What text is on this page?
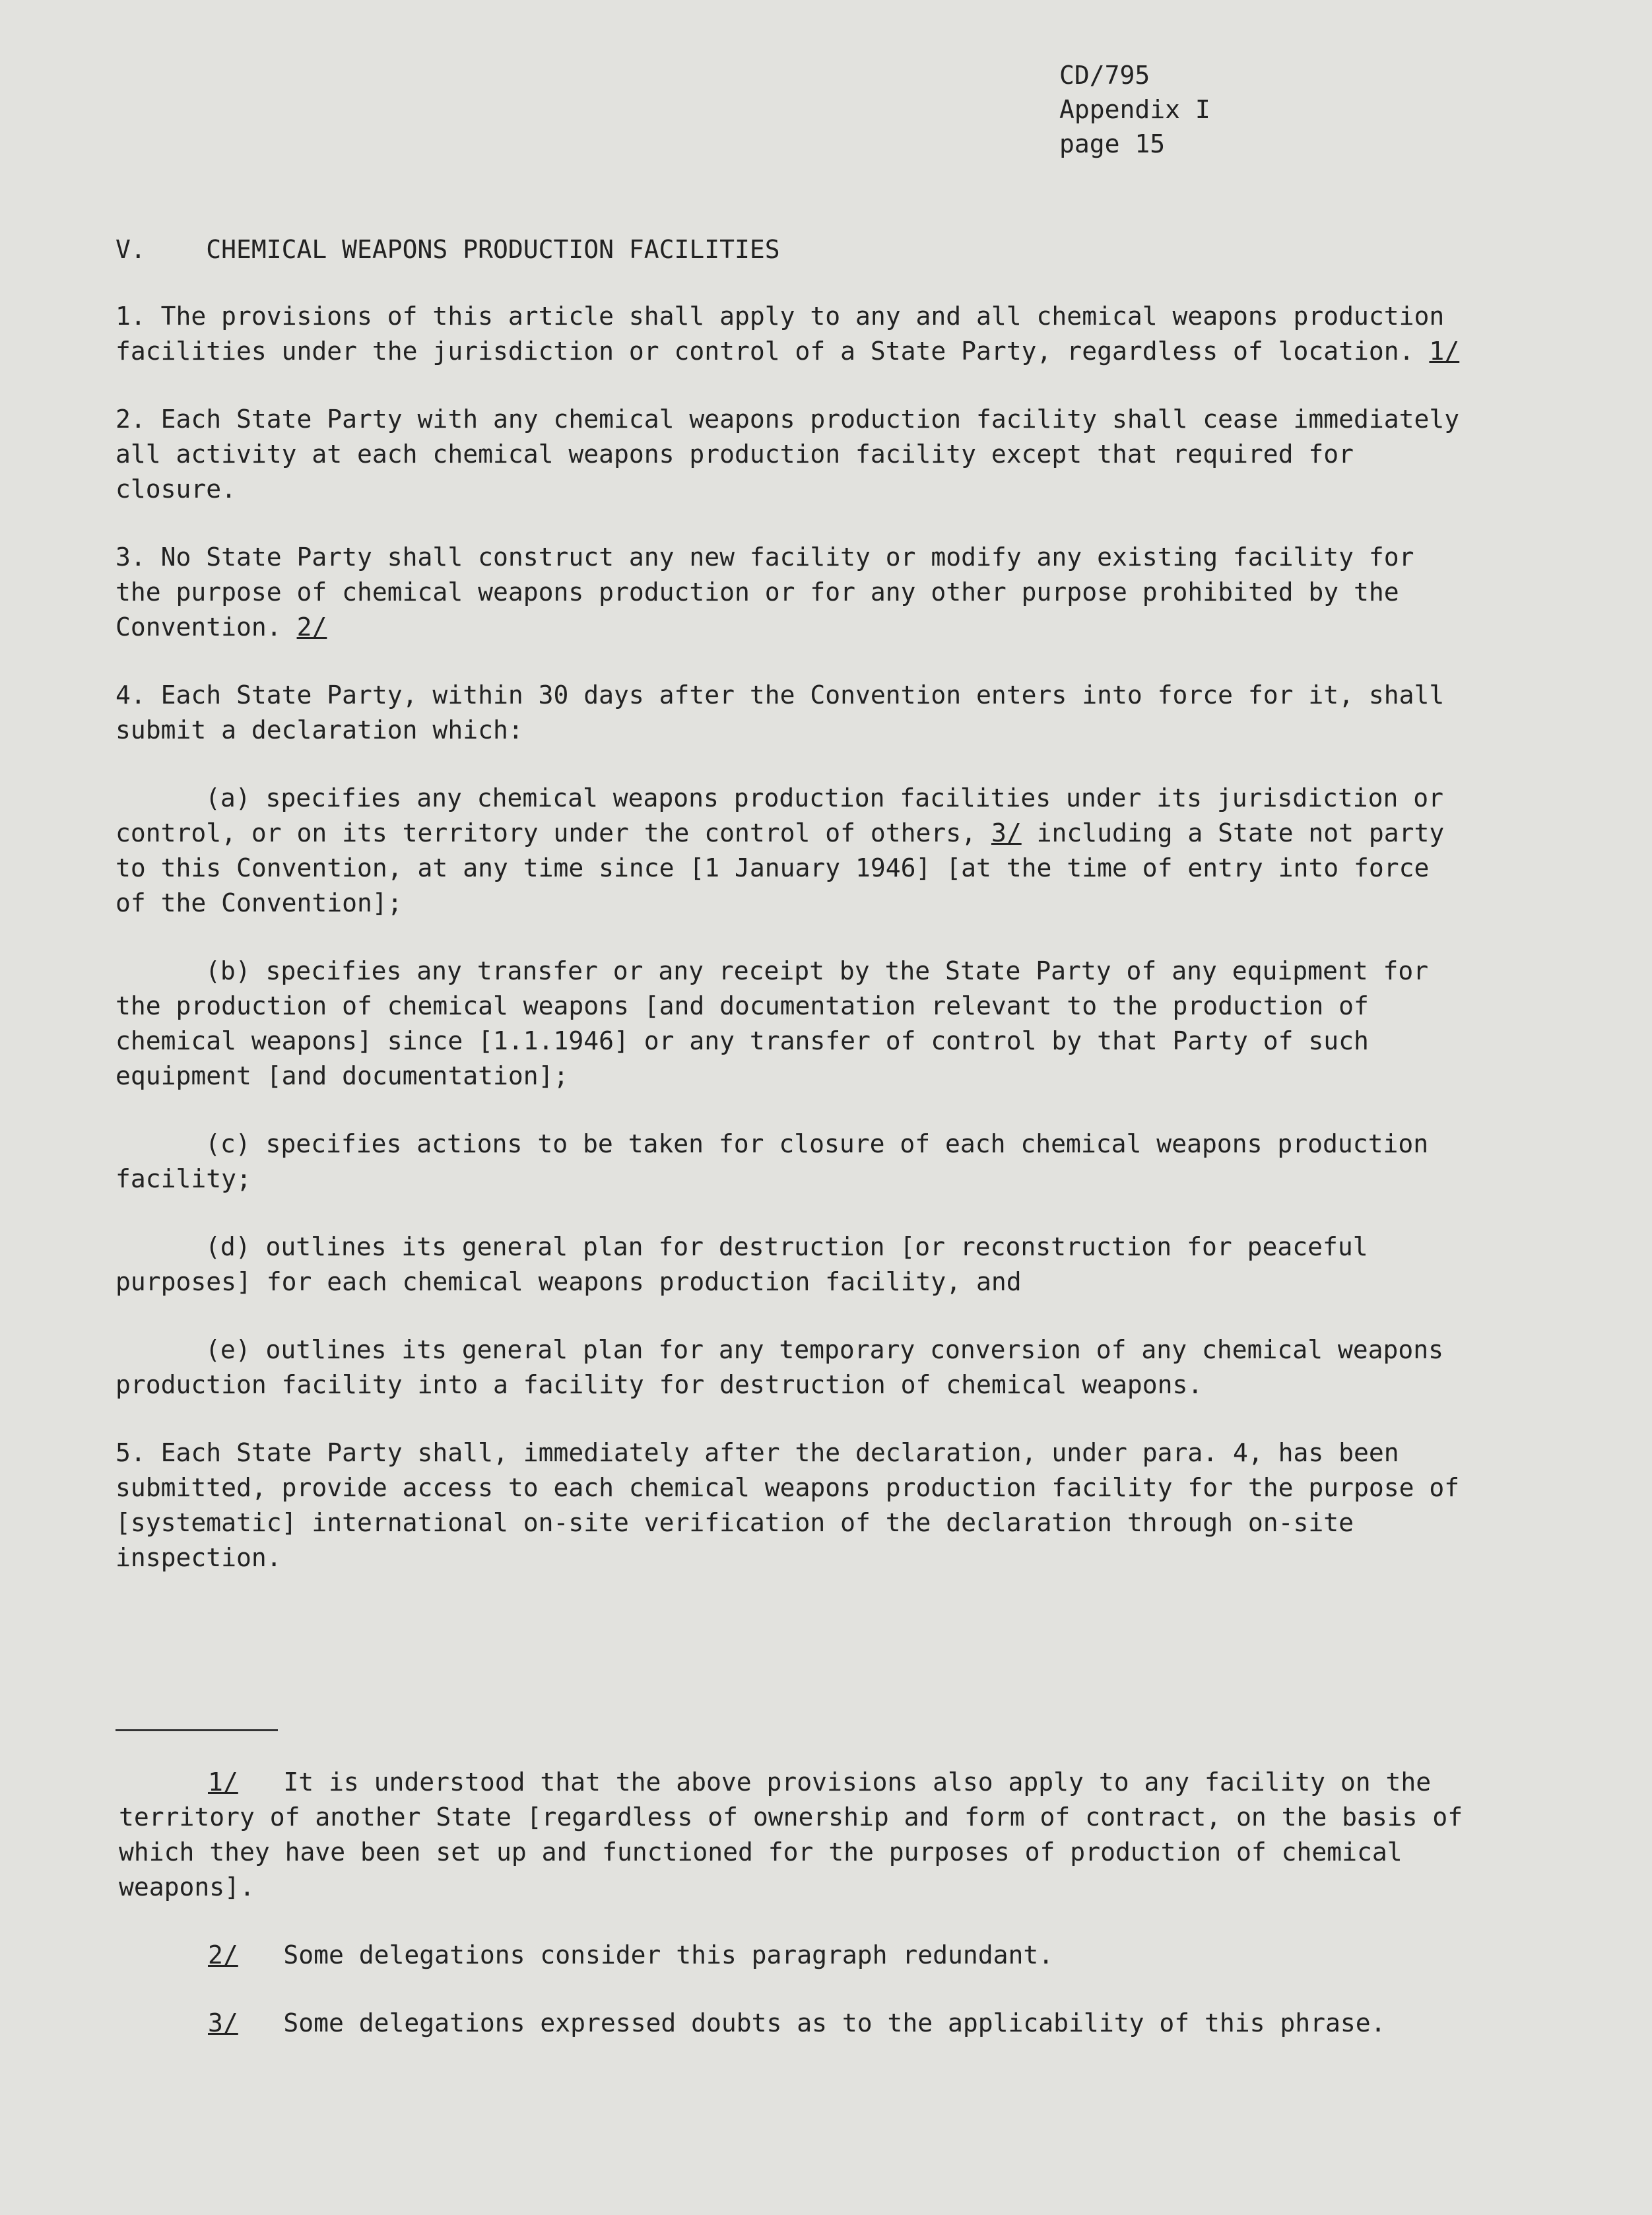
CD/795
Appendix I
page 15
V.    CHEMICAL WEAPONS PRODUCTION FACILITIES

1. The provisions of this article shall apply to any and all chemical weapons production facilities under the jurisdiction or control of a State Party, regardless of location. 1/

2. Each State Party with any chemical weapons production facility shall cease immediately all activity at each chemical weapons production facility except that required for closure.

3. No State Party shall construct any new facility or modify any existing facility for the purpose of chemical weapons production or for any other purpose prohibited by the Convention. 2/

4. Each State Party, within 30 days after the Convention enters into force for it, shall submit a declaration which:

(a) specifies any chemical weapons production facilities under its jurisdiction or control, or on its territory under the control of others, 3/ including a State not party to this Convention, at any time since [1 January 1946] [at the time of entry into force of the Convention];

(b) specifies any transfer or any receipt by the State Party of any equipment for the production of chemical weapons [and documentation relevant to the production of chemical weapons] since [1.1.1946] or any transfer of control by that Party of such equipment [and documentation];

(c) specifies actions to be taken for closure of each chemical weapons production facility;

(d) outlines its general plan for destruction [or reconstruction for peaceful purposes] for each chemical weapons production facility, and

(e) outlines its general plan for any temporary conversion of any chemical weapons production facility into a facility for destruction of chemical weapons.

5. Each State Party shall, immediately after the declaration, under para. 4, has been submitted, provide access to each chemical weapons production facility for the purpose of [systematic] international on-site verification of the declaration through on-site inspection.

1/ It is understood that the above provisions also apply to any facility on the territory of another State [regardless of ownership and form of contract, on the basis of which they have been set up and functioned for the purposes of production of chemical weapons].

2/ Some delegations consider this paragraph redundant.

3/ Some delegations expressed doubts as to the applicability of this phrase.
